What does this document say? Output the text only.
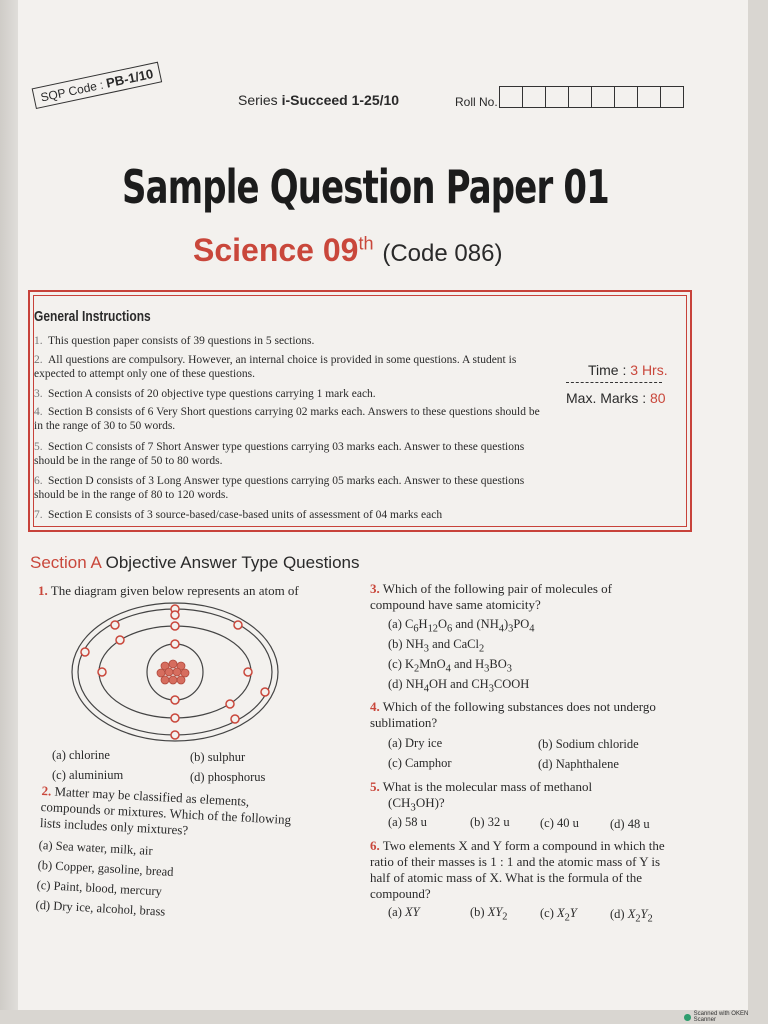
SQP Code : PB-1/10
Series i-Succeed 1-25/10	Roll No.
Sample Question Paper 01
Science 09th (Code 086)
General Instructions
1. This question paper consists of 39 questions in 5 sections.
2. All questions are compulsory. However, an internal choice is provided in some questions. A student is expected to attempt only one of these questions.
3. Section A consists of 20 objective type questions carrying 1 mark each.
4. Section B consists of 6 Very Short questions carrying 02 marks each. Answers to these questions should be in the range of 30 to 50 words.
5. Section C consists of 7 Short Answer type questions carrying 03 marks each. Answer to these questions should be in the range of 50 to 80 words.
6. Section D consists of 3 Long Answer type questions carrying 05 marks each. Answer to these questions should be in the range of 80 to 120 words.
7. Section E consists of 3 source-based/case-based units of assessment of 04 marks each
Time : 3 Hrs.
Max. Marks : 80
Section A Objective Answer Type Questions
1. The diagram given below represents an atom of
(a) chlorine	(b) sulphur
(c) aluminium	(d) phosphorus
2. Matter may be classified as elements, compounds or mixtures. Which of the following lists includes only mixtures?
(a) Sea water, milk, air
(b) Copper, gasoline, bread
(c) Paint, blood, mercury
(d) Dry ice, alcohol, brass
3. Which of the following pair of molecules of compound have same atomicity?
(a) $C_6H_{12}O_6$ and $(NH_4)_3PO_4$
(b) $NH_3$ and CaCl$_2$
(c) $K_2MnO_4$ and $H_3BO_3$
(d) $NH_4OH$ and $CH_3COOH$
4. Which of the following substances does not undergo sublimation?
(a) Dry ice	(b) Sodium chloride
(c) Camphor	(d) Naphthalene
5. What is the molecular mass of methanol
$(CH_3OH)$?
(a) 58 u	(b) 32 u (c) 40 u (d) 48 u
6. Two elements X and Y form a compound in which the ratio of their masses is 1 : 1 and the atomic mass of Y is half of atomic mass of X. What is the formula of the compound?
(a) XY	(b) $XY_2$	(c) $X_2Y$	(d) $X_2Y_2$
Scanned with OKEN Scanner
